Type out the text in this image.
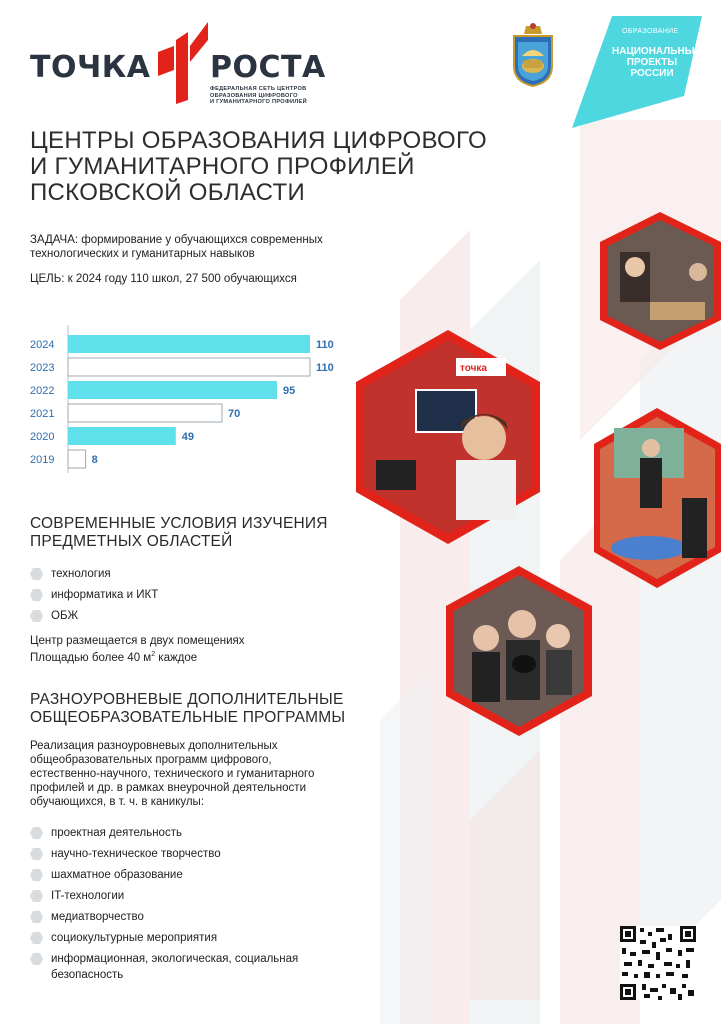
ТОЧКА РОСТА
ФЕДЕРАЛЬНАЯ СЕТЬ ЦЕНТРОВ
ОБРАЗОВАНИЯ ЦИФРОВОГО
И ГУМАНИТАРНОГО ПРОФИЛЕЙ
ОБРАЗОВАНИЕ
НАЦИОНАЛЬНЫЕ
ПРОЕКТЫ
РОССИИ
ЦЕНТРЫ ОБРАЗОВАНИЯ ЦИФРОВОГО
И ГУМАНИТАРНОГО ПРОФИЛЕЙ
ПСКОВСКОЙ ОБЛАСТИ
ЗАДАЧА: формирование у обучающихся современных
технологических и гуманитарных навыков
ЦЕЛЬ: к 2024 году 110 школ, 27 500 обучающихся
2024	110
2023	110
2022	95
2021	70
2020	49
2019	8
СОВРЕМЕННЫЕ УСЛОВИЯ ИЗУЧЕНИЯ
ПРЕДМЕТНЫХ ОБЛАСТЕЙ
технология
информатика и ИКТ
ОБЖ
Центр размещается в двух помещениях
Площадью более 40 $м^2$ каждое
РАЗНОУРОВНЕВЫЕ ДОПОЛНИТЕЛЬНЫЕ
ОБЩЕОБРАЗОВАТЕЛЬНЫЕ ПРОГРАММЫ
Реализация разноуровневых дополнительных
общеобразовательных программ цифрового,
естественно-научного, технического и гуманитарного
профилей и др. в рамках внеурочной деятельности
обучающихся, в т. ч. в каникулы:
проектная деятельность
научно-техническое творчество
шахматное образование
IT-технологии
медиатворчество
социокультурные мероприятия
информационная, экологическая, социальная
безопасность
точка
